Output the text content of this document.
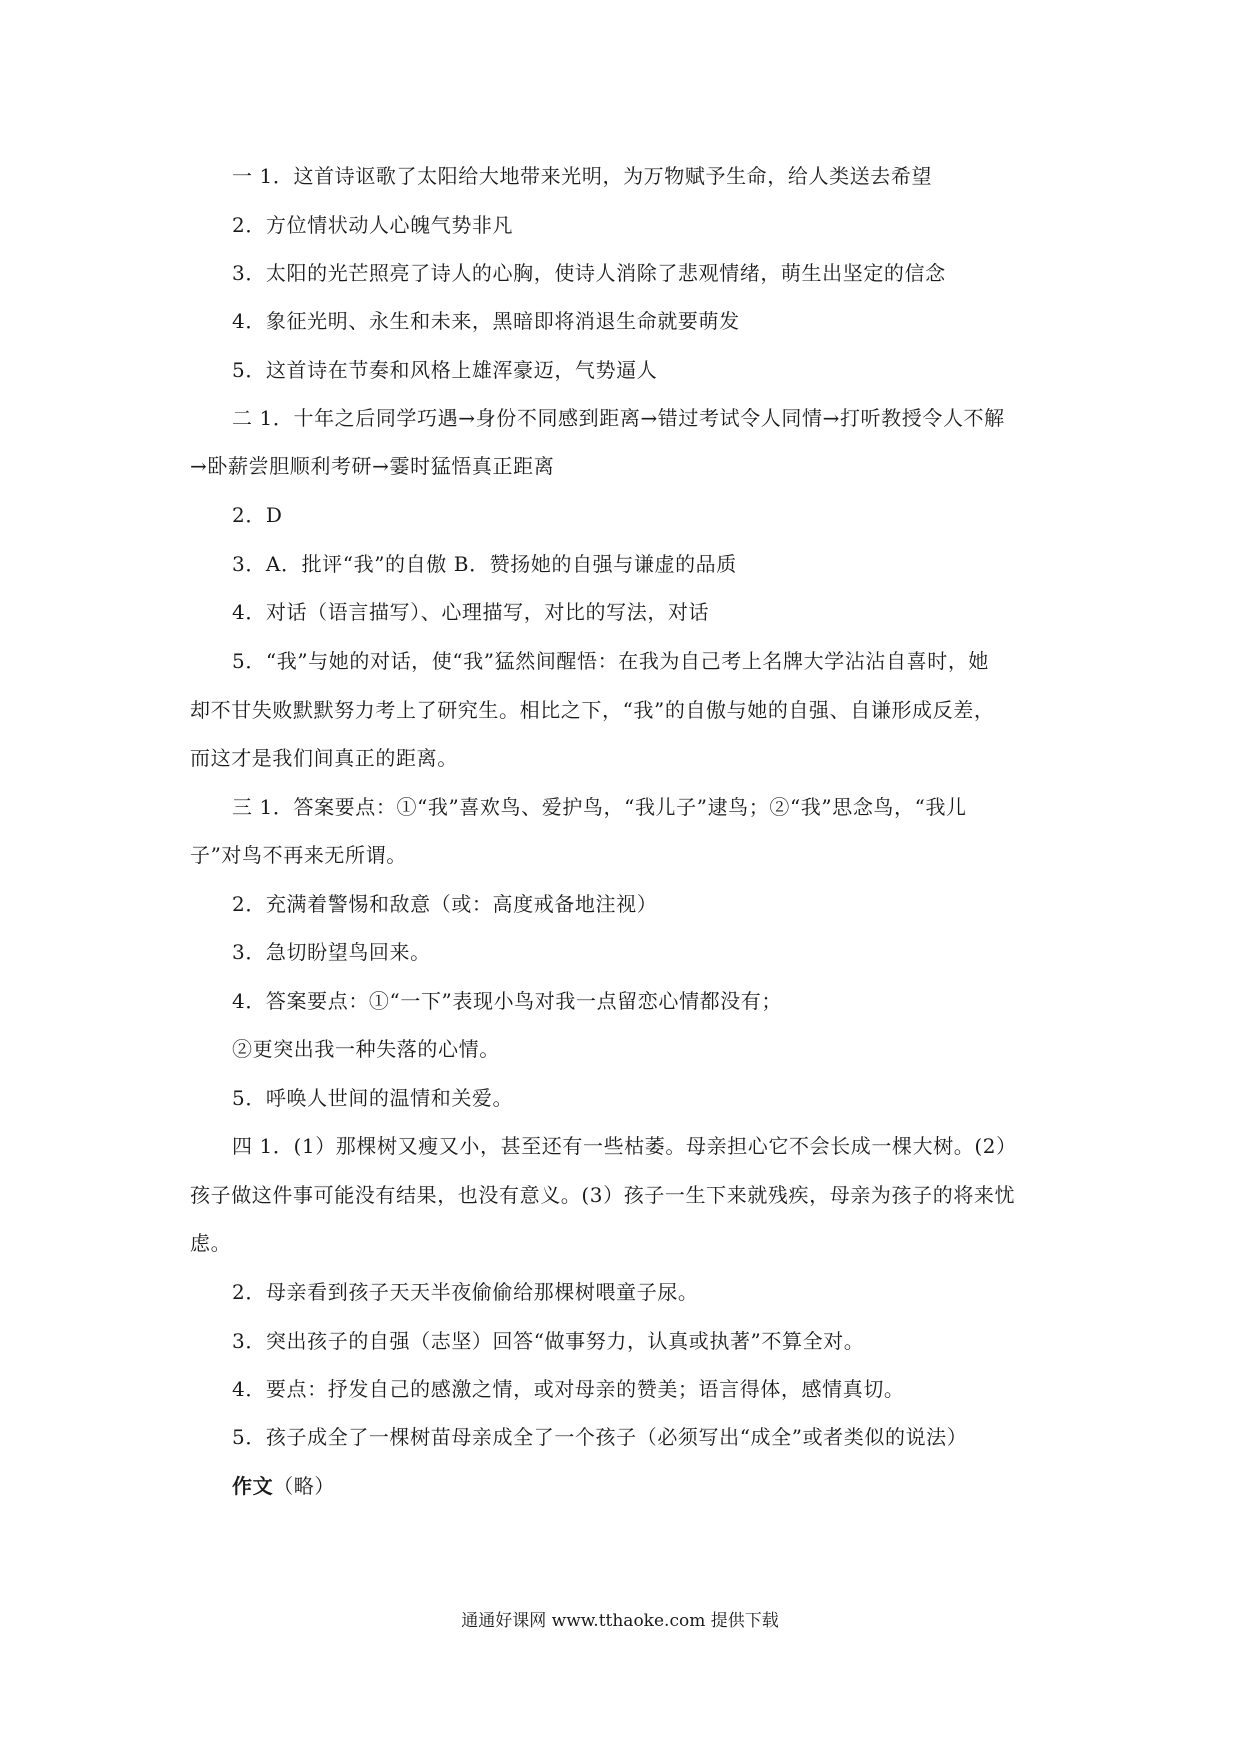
一 1．这首诗讴歌了太阳给大地带来光明，为万物赋予生命，给人类送去希望
2．方位情状动人心魄气势非凡
3．太阳的光芒照亮了诗人的心胸，使诗人消除了悲观情绪，萌生出坚定的信念
4．象征光明、永生和未来，黑暗即将消退生命就要萌发
5．这首诗在节奏和风格上雄浑豪迈，气势逼人
二 1．十年之后同学巧遇→身份不同感到距离→错过考试令人同情→打听教授令人不解
→卧薪尝胆顺利考研→霎时猛悟真正距离
2．D
3．A．批评“我”的自傲 B．赞扬她的自强与谦虚的品质
4．对话（语言描写）、心理描写，对比的写法，对话
5．“我”与她的对话，使“我”猛然间醒悟：在我为自己考上名牌大学沾沾自喜时，她
却不甘失败默默努力考上了研究生。相比之下，“我”的自傲与她的自强、自谦形成反差，
而这才是我们间真正的距离。
三 1．答案要点：①“我”喜欢鸟、爱护鸟，“我儿子”逮鸟；②“我”思念鸟，“我儿
子”对鸟不再来无所谓。
2．充满着警惕和敌意（或：高度戒备地注视）
3．急切盼望鸟回来。
4．答案要点：①“一下”表现小鸟对我一点留恋心情都没有；
②更突出我一种失落的心情。
5．呼唤人世间的温情和关爱。
四 1．(1）那棵树又瘦又小，甚至还有一些枯萎。母亲担心它不会长成一棵大树。(2）
孩子做这件事可能没有结果，也没有意义。(3）孩子一生下来就残疾，母亲为孩子的将来忧
虑。
2．母亲看到孩子天天半夜偷偷给那棵树喂童子尿。
3．突出孩子的自强（志坚）回答“做事努力，认真或执著”不算全对。
4．要点：抒发自己的感激之情，或对母亲的赞美；语言得体，感情真切。
5．孩子成全了一棵树苗母亲成全了一个孩子（必须写出“成全”或者类似的说法）
作文（略）
通通好课网 www.tthaoke.com 提供下载
